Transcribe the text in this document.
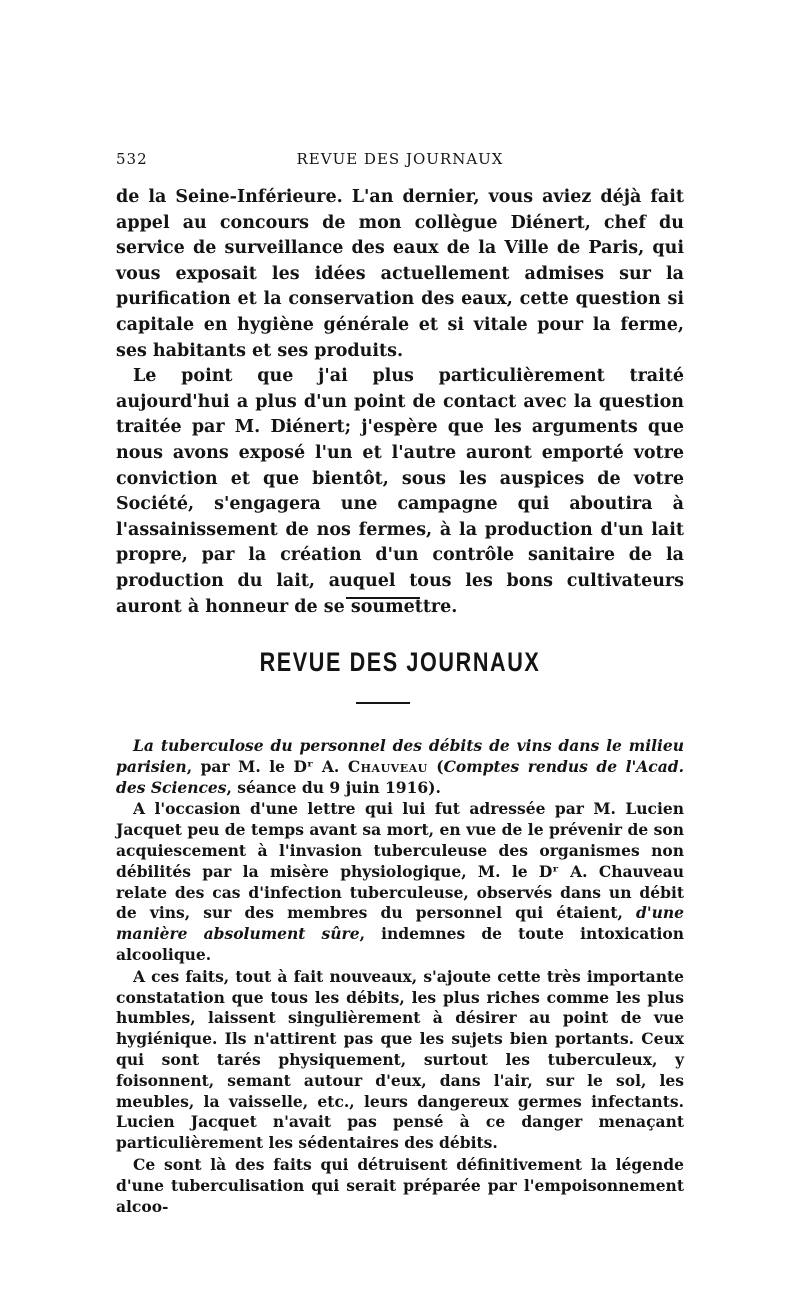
532	REVUE DES JOURNAUX

de la Seine-Inférieure. L'an dernier, vous aviez déjà fait appel au concours de mon collègue Diénert, chef du service de surveillance des eaux de la Ville de Paris, qui vous exposait les idées actuellement admises sur la purification et la conservation des eaux, cette question si capitale en hygiène générale et si vitale pour la ferme, ses habitants et ses produits.

Le point que j'ai plus particulièrement traité aujourd'hui a plus d'un point de contact avec la question traitée par M. Diénert; j'espère que les arguments que nous avons exposé l'un et l'autre auront emporté votre conviction et que bientôt, sous les auspices de votre Société, s'engagera une campagne qui aboutira à l'assainissement de nos fermes, à la production d'un lait propre, par la création d'un contrôle sanitaire de la production du lait, auquel tous les bons cultivateurs auront à honneur de se soumettre.

REVUE DES JOURNAUX

La tuberculose du personnel des débits de vins dans le milieu parisien, par M. le Dʳ A. Chauveau (Comptes rendus de l'Acad. des Sciences, séance du 9 juin 1916).

A l'occasion d'une lettre qui lui fut adressée par M. Lucien Jacquet peu de temps avant sa mort, en vue de le prévenir de son acquiescement à l'invasion tuberculeuse des organismes non débilités par la misère physiologique, M. le Dʳ A. Chauveau relate des cas d'infection tuberculeuse, observés dans un débit de vins, sur des membres du personnel qui étaient, d'une manière absolument sûre, indemnes de toute intoxication alcoolique.

A ces faits, tout à fait nouveaux, s'ajoute cette très importante constatation que tous les débits, les plus riches comme les plus humbles, laissent singulièrement à désirer au point de vue hygiénique. Ils n'attirent pas que les sujets bien portants. Ceux qui sont tarés physiquement, surtout les tuberculeux, y foisonnent, semant autour d'eux, dans l'air, sur le sol, les meubles, la vaisselle, etc., leurs dangereux germes infectants. Lucien Jacquet n'avait pas pensé à ce danger menaçant particulièrement les sédentaires des débits.

Ce sont là des faits qui détruisent définitivement la légende d'une tuberculisation qui serait préparée par l'empoisonnement alcoo-
